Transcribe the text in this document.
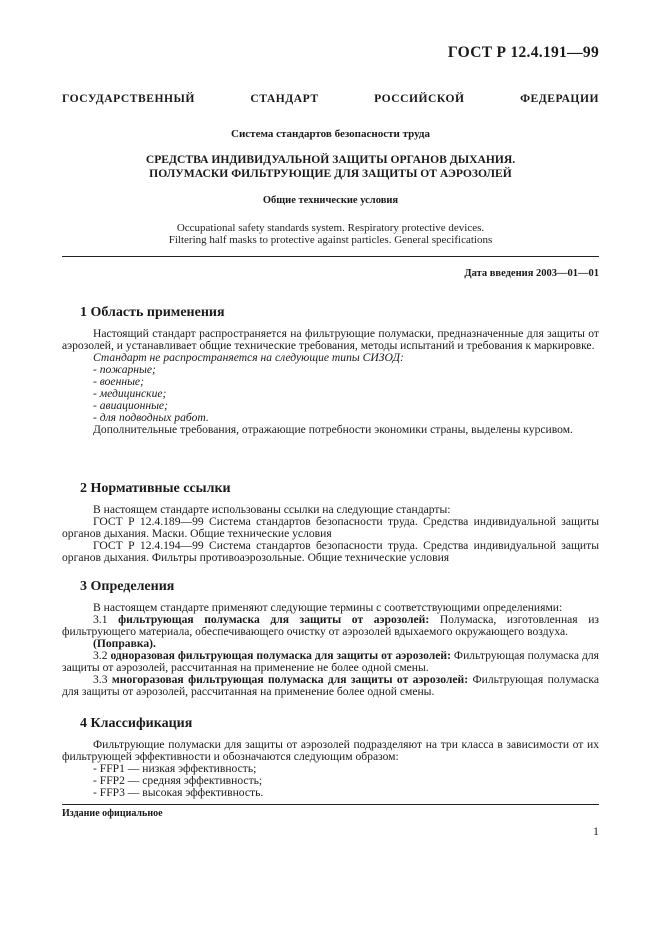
ГОСТ Р 12.4.191—99
ГОСУДАРСТВЕННЫЙ СТАНДАРТ РОССИЙСКОЙ ФЕДЕРАЦИИ
Система стандартов безопасности труда
СРЕДСТВА ИНДИВИДУАЛЬНОЙ ЗАЩИТЫ ОРГАНОВ ДЫХАНИЯ.
ПОЛУМАСКИ ФИЛЬТРУЮЩИЕ ДЛЯ ЗАЩИТЫ ОТ АЭРОЗОЛЕЙ
Общие технические условия
Occupational safety standards system. Respiratory protective devices.
Filtering half masks to protective against particles. General specifications
Дата введения 2003—01—01
1 Область применения

Настоящий стандарт распространяется на фильтрующие полумаски, предназначенные для защиты от аэрозолей, и устанавливает общие технические требования, методы испытаний и требования к маркировке.

Стандарт не распространяется на следующие типы СИЗОД:

- пожарные;

- военные;

- медицинские;

- авиационные;

- для подводных работ.

Дополнительные требования, отражающие потребности экономики страны, выделены курсивом.

2 Нормативные ссылки

В настоящем стандарте использованы ссылки на следующие стандарты:

ГОСТ Р 12.4.189—99 Система стандартов безопасности труда. Средства индивидуальной защиты органов дыхания. Маски. Общие технические условия

ГОСТ Р 12.4.194—99 Система стандартов безопасности труда. Средства индивидуальной защиты органов дыхания. Фильтры противоаэрозольные. Общие технические условия

3 Определения

В настоящем стандарте применяют следующие термины с соответствующими определениями:

3.1 фильтрующая полумаска для защиты от аэрозолей: Полумаска, изготовленная из фильтрующего материала, обеспечивающего очистку от аэрозолей вдыхаемого окружающего воздуха.

(Поправка).

3.2 одноразовая фильтрующая полумаска для защиты от аэрозолей: Фильтрующая полумаска для защиты от аэрозолей, рассчитанная на применение не более одной смены.

3.3 многоразовая фильтрующая полумаска для защиты от аэрозолей: Фильтрующая полумаска для защиты от аэрозолей, рассчитанная на применение более одной смены.

4 Классификация

Фильтрующие полумаски для защиты от аэрозолей подразделяют на три класса в зависимости от их фильтрующей эффективности и обозначаются следующим образом:

- FFP1 — низкая эффективность;

- FFP2 — средняя эффективность;

- FFP3 — высокая эффективность.

Издание официальное
1
